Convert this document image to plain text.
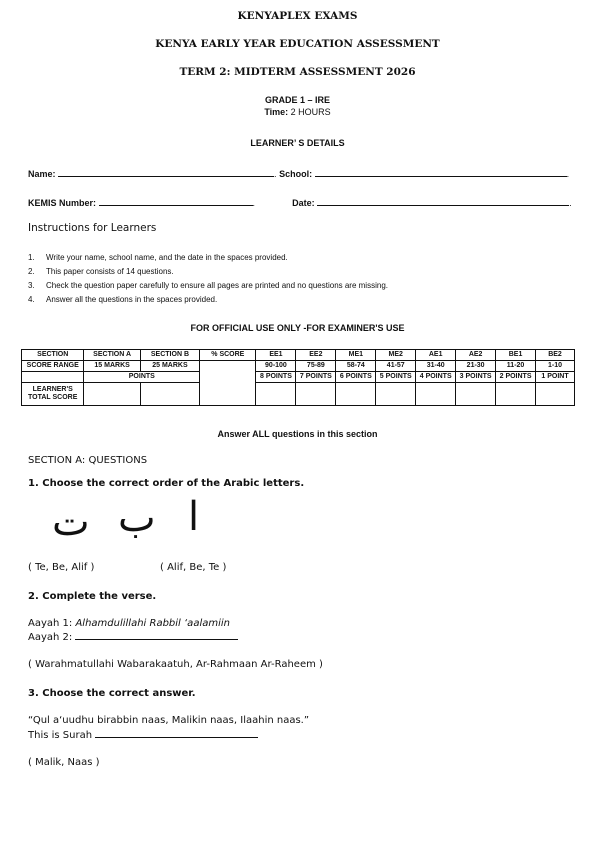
KENYAPLEX EXAMS
KENYA EARLY YEAR EDUCATION ASSESSMENT
TERM 2: MIDTERM ASSESSMENT 2026
GRADE 1 – IRE
Time: 2 HOURS
LEARNER’ S DETAILS
Name:	. School:	.
KEMIS Number:	.	Date:	.
Instructions for Learners
1. Write your name, school name, and the date in the spaces provided.
2. This paper consists of 14 questions.
3. Check the question paper carefully to ensure all pages are printed and no questions are missing.
4. Answer all the questions in the spaces provided.
FOR OFFICIAL USE ONLY -FOR EXAMINER'S USE
SECTION	SECTION A	SECTION B	% SCORE	EE1	EE2	ME1	ME2	AE1	AE2	BE1	BE2
SCORE RANGE	15 MARKS	25 MARKS		90-100	75-89	58-74	41-57	31-40	21-30	11-20	1-10
	POINTS			8 POINTS	7 POINTS	6 POINTS	5 POINTS	4 POINTS	3 POINTS	2 POINTS	1 POINT
LEARNER'S TOTAL SCORE											
Answer ALL questions in this section
SECTION A: QUESTIONS
1. Choose the correct order of the Arabic letters.
ت ب ا
( Te, Be, Alif )	( Alif, Be, Te )
2. Complete the verse.
Aayah 1: Alhamdulillahi Rabbil ‘aalamiin
Aayah 2:
( Warahmatullahi Wabarakaatuh, Ar-Rahmaan Ar-Raheem )
3. Choose the correct answer.
“Qul a‘uudhu birabbin naas, Malikin naas, Ilaahin naas.”
This is Surah
( Malik, Naas )
